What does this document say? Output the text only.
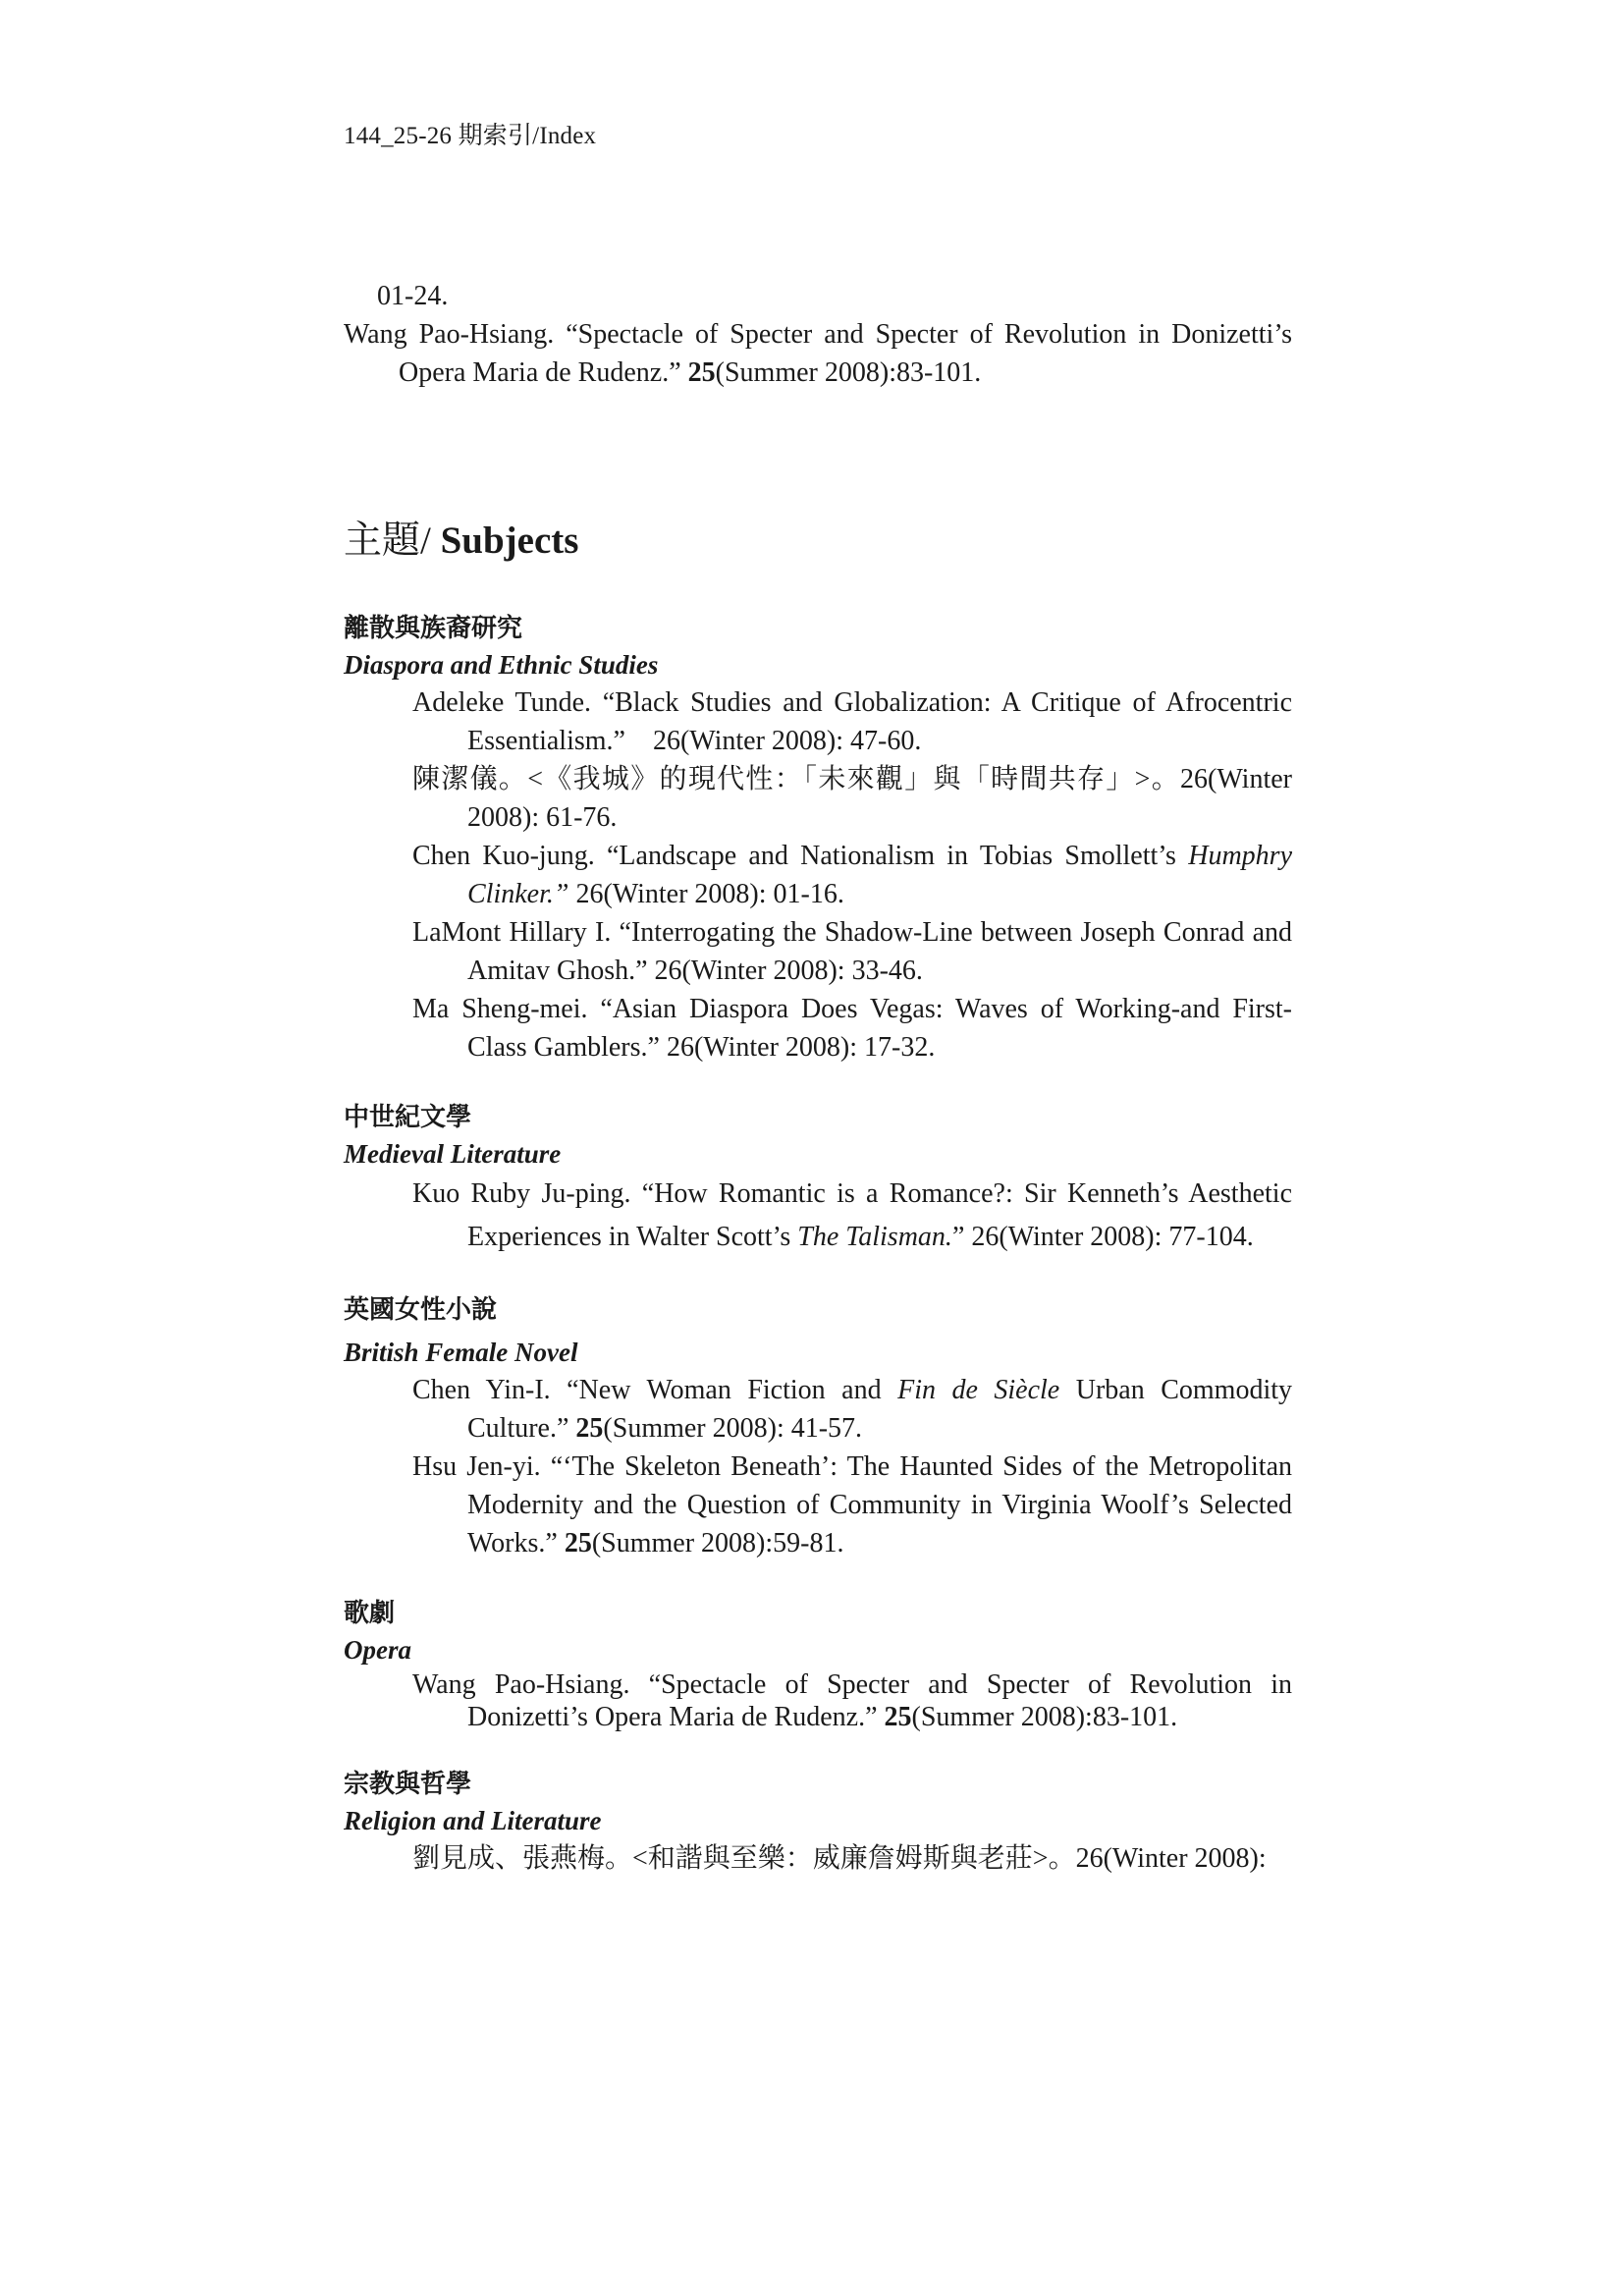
144_25-26 期索引/Index

01-24.

Wang Pao-Hsiang. “Spectacle of Specter and Specter of Revolution in Donizetti’s Opera Maria de Rudenz.” 25(Summer 2008):83-101.

主題/ Subjects
離散與族裔研究
Diaspora and Ethnic Studies

Adeleke Tunde. “Black Studies and Globalization: A Critique of Afrocentric Essentialism.”　26(Winter 2008): 47-60.

陳潔儀。<《我城》的現代性：「未來觀」與「時間共存」>。26(Winter 2008): 61-76.

Chen Kuo-jung. “Landscape and Nationalism in Tobias Smollett’s Humphry Clinker.” 26(Winter 2008): 01-16.

LaMont Hillary I. “Interrogating the Shadow-Line between Joseph Conrad and Amitav Ghosh.” 26(Winter 2008): 33-46.

Ma Sheng-mei. “Asian Diaspora Does Vegas: Waves of Working-and First-Class Gamblers.” 26(Winter 2008): 17-32.

中世紀文學
Medieval Literature

Kuo Ruby Ju-ping. “How Romantic is a Romance?: Sir Kenneth’s Aesthetic Experiences in Walter Scott’s The Talisman.” 26(Winter 2008): 77-104.

英國女性小說
British Female Novel

Chen Yin-I. “New Woman Fiction and Fin de Siècle Urban Commodity Culture.” 25(Summer 2008): 41-57.

Hsu Jen-yi. “‘The Skeleton Beneath’: The Haunted Sides of the Metropolitan Modernity and the Question of Community in Virginia Woolf’s Selected Works.” 25(Summer 2008):59-81.

歌劇
Opera

Wang Pao-Hsiang. “Spectacle of Specter and Specter of Revolution in Donizetti’s Opera Maria de Rudenz.” 25(Summer 2008):83-101.

宗教與哲學
Religion and Literature

劉見成、張燕梅。<和諧與至樂：威廉詹姆斯與老莊>。26(Winter 2008):
